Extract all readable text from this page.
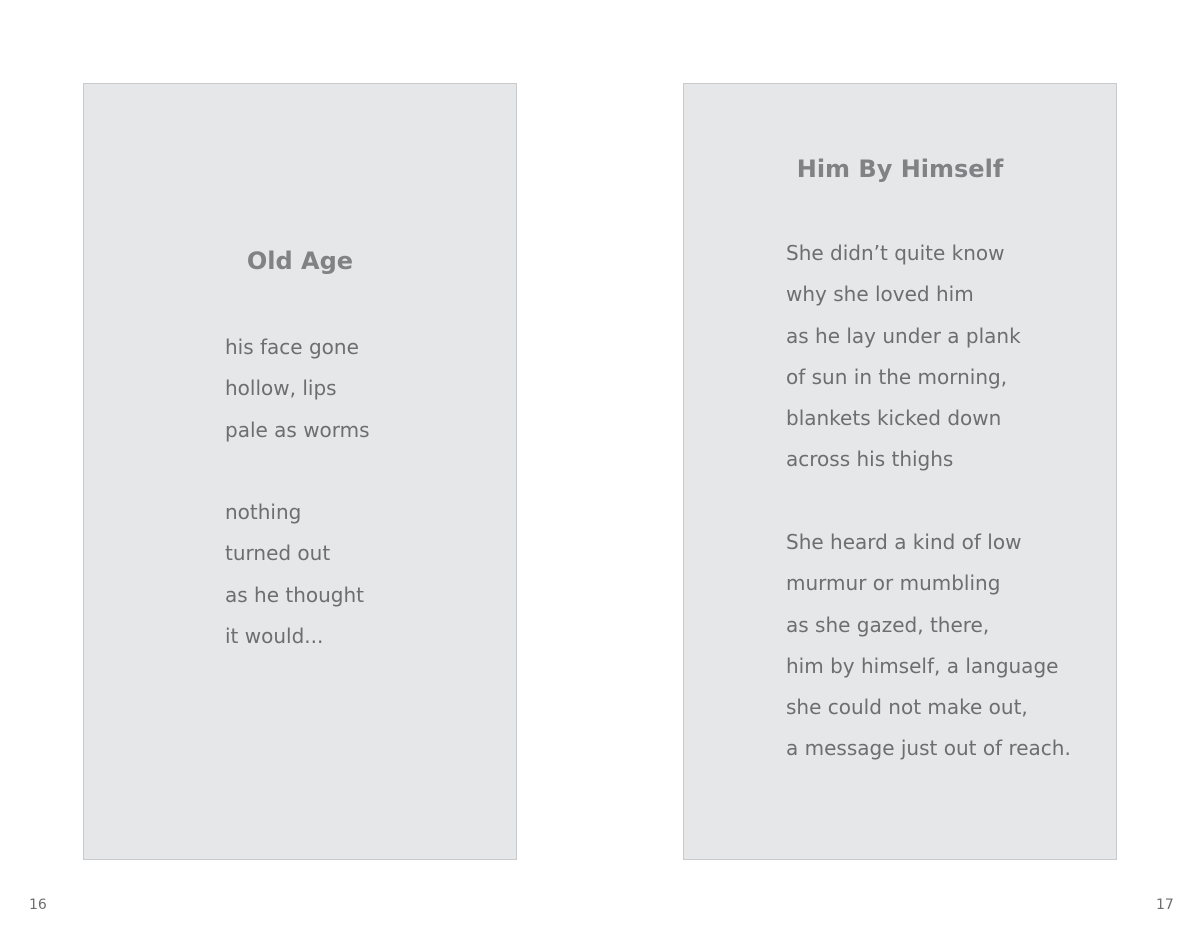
Old Age
his face gone
hollow, lips
pale as worms
nothing
turned out
as he thought
it would...
Him By Himself
She didn’t quite know
why she loved him
as he lay under a plank
of sun in the morning,
blankets kicked down
across his thighs
She heard a kind of low
murmur or mumbling
as she gazed, there,
him by himself, a language
she could not make out,
a message just out of reach.
16	17
